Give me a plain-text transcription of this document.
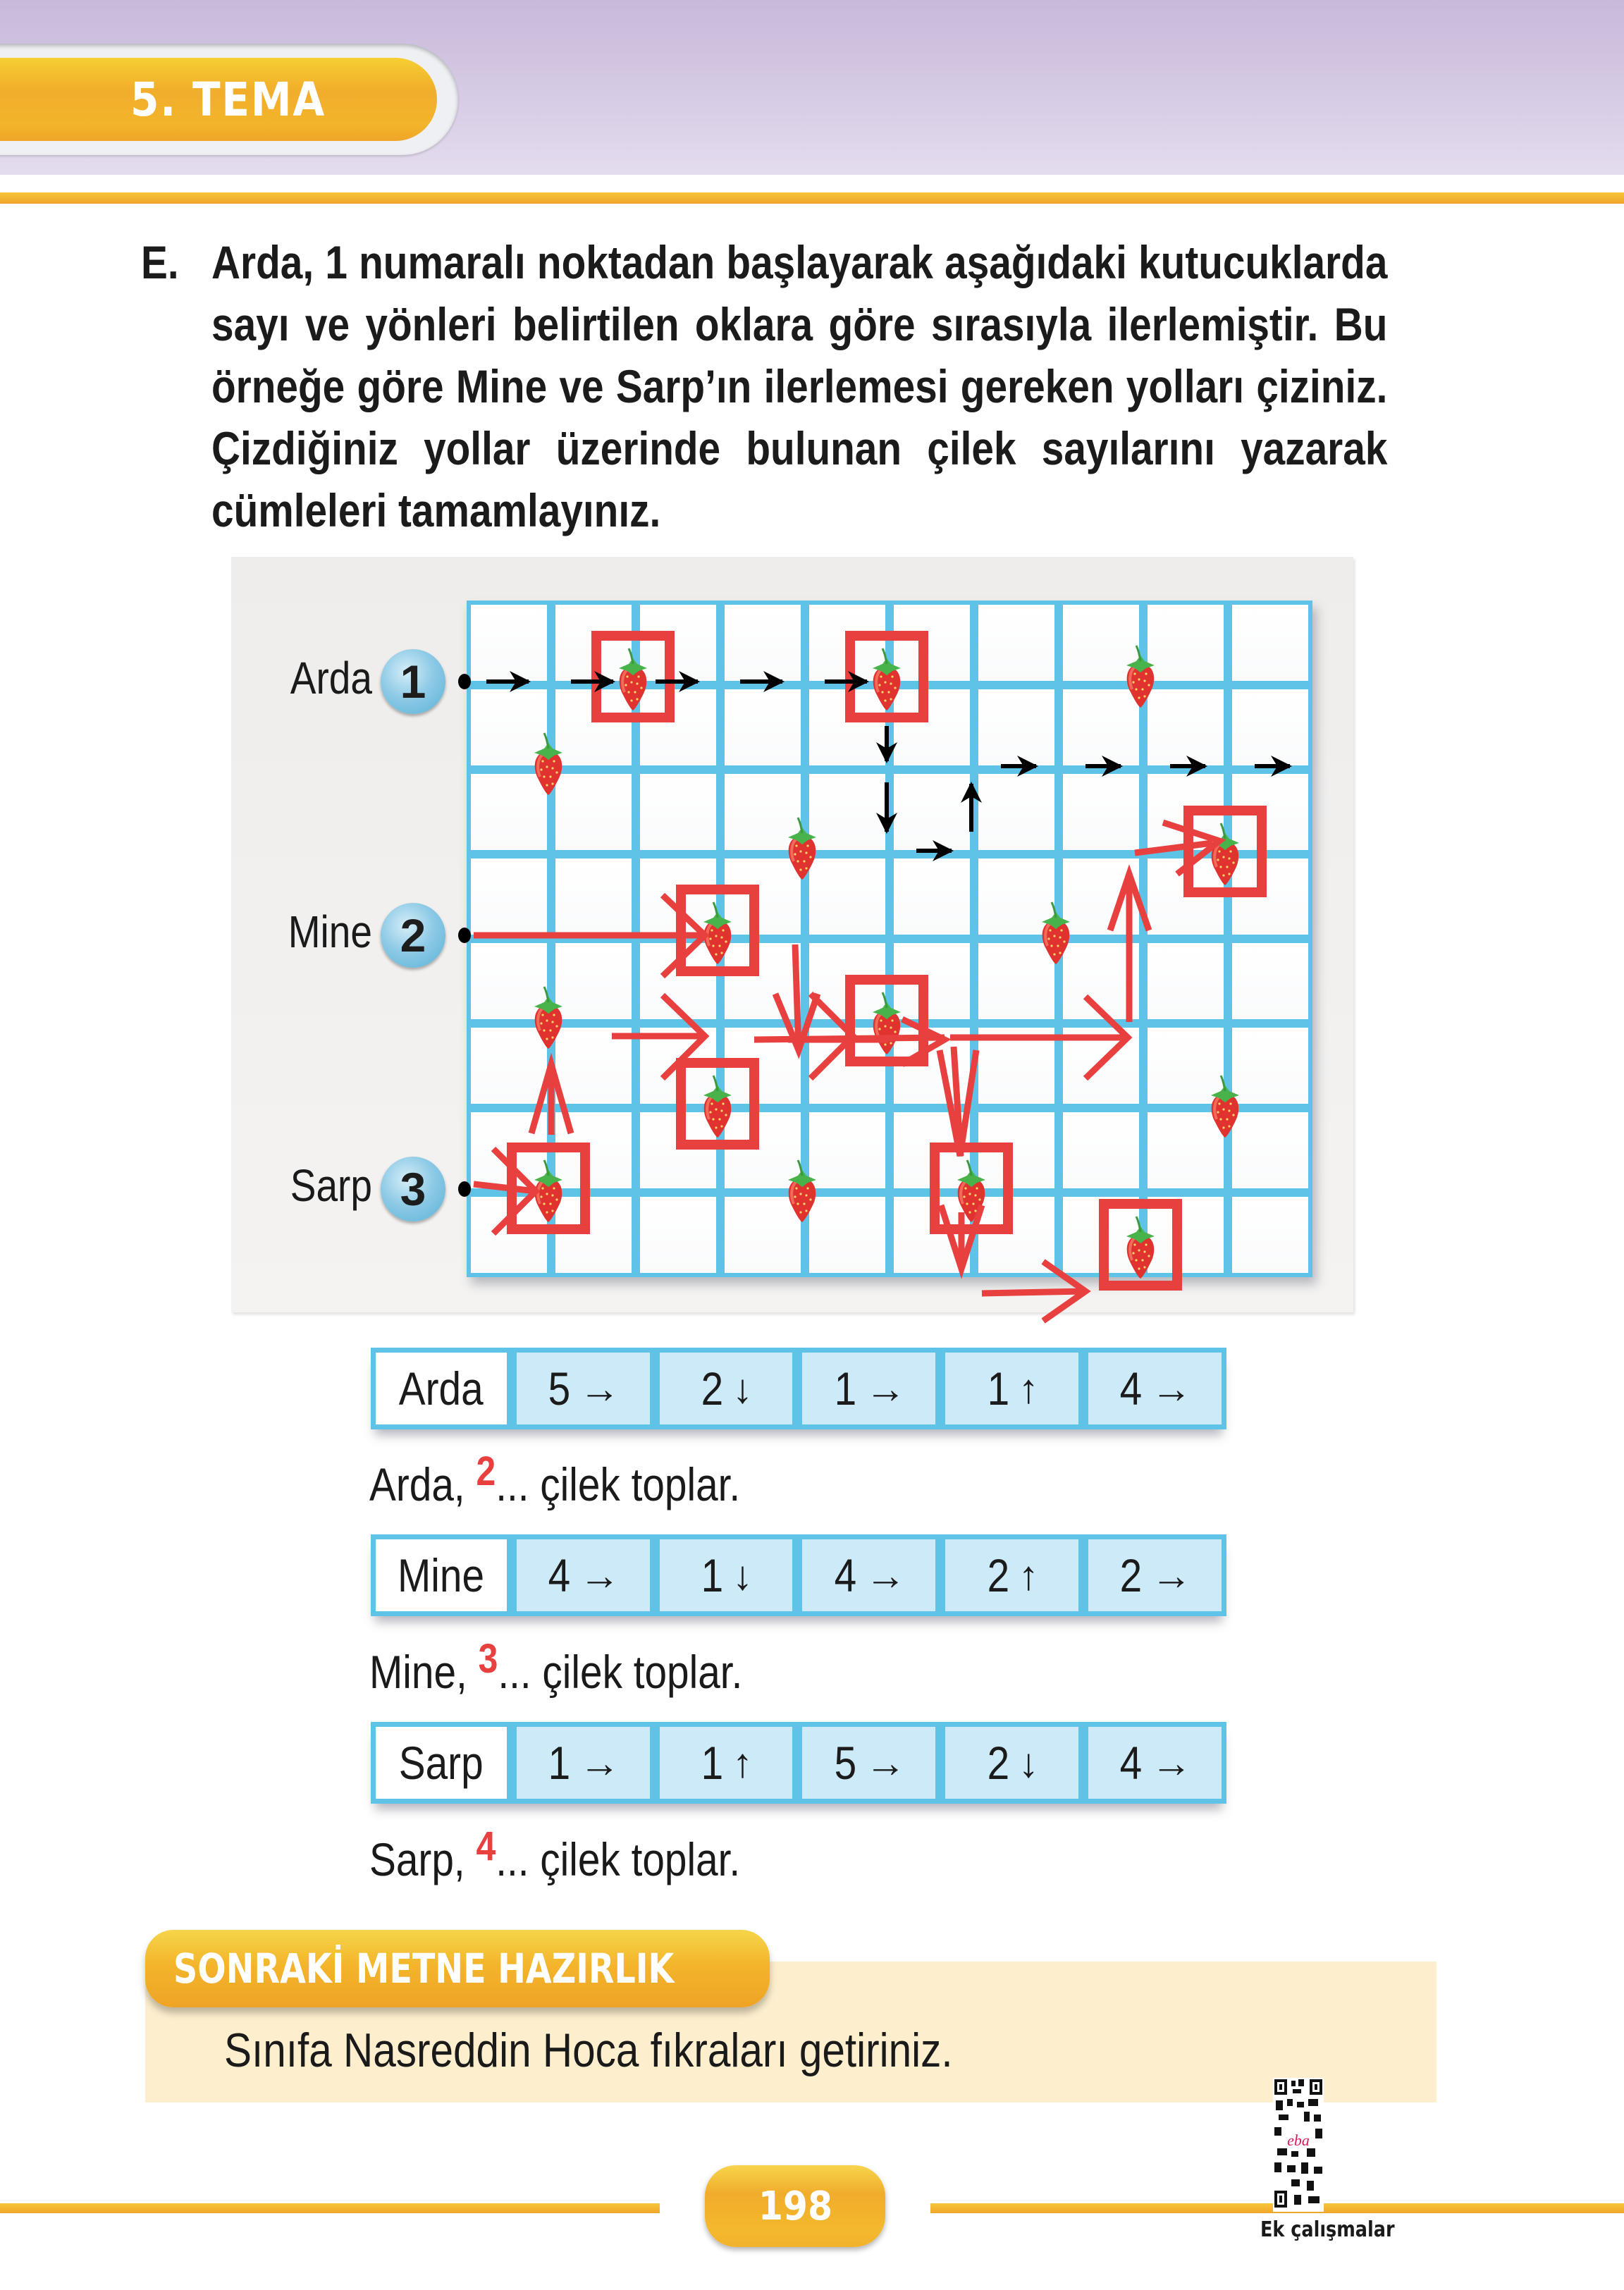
5. TEMA
E. Arda, 1 numaralı noktadan başlayarak aşağıdaki kutucuklarda sayı ve yönleri belirtilen oklara göre sırasıyla ilerlemiştir. Bu örneğe göre Mine ve Sarp’ın ilerlemesi gereken yolları çiziniz. Çizdiğiniz yollar üzerinde bulunan çilek sayılarını yazarak cümleleri tamamlayınız.

Arda 1
Mine 2
Sarp 3
Arda 5 → 2 ↓ 1 → 1 ↑ 4 →
Arda, 2... çilek toplar.
Mine 4 → 1 ↓ 4 → 2 ↑ 2 →
Mine, 3... çilek toplar.
Sarp 1 → 1 ↑ 5 → 2 ↓ 4 →
Sarp, 4... çilek toplar.
SONRAKİ METNE HAZIRLIK
Sınıfa Nasreddin Hoca fıkraları getiriniz.
198
eba
Ek çalışmalar
